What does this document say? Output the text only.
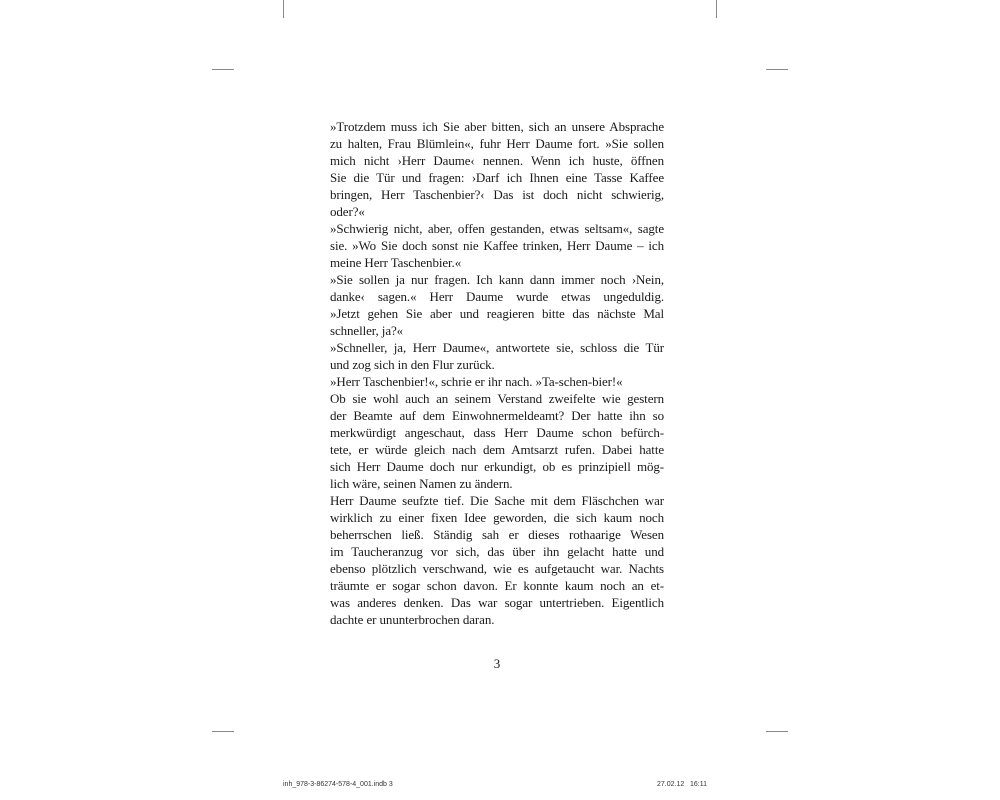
»Trotzdem muss ich Sie aber bitten, sich an unsere Absprache
zu halten, Frau Blümlein«, fuhr Herr Daume fort. »Sie sollen
mich nicht ›Herr Daume‹ nennen. Wenn ich huste, öffnen
Sie die Tür und fragen: ›Darf ich Ihnen eine Tasse Kaffee
bringen, Herr Taschenbier?‹ Das ist doch nicht schwierig,
oder?«
»Schwierig nicht, aber, offen gestanden, etwas seltsam«, sagte
sie. »Wo Sie doch sonst nie Kaffee trinken, Herr Daume – ich
meine Herr Taschenbier.«
»Sie sollen ja nur fragen. Ich kann dann immer noch ›Nein,
danke‹ sagen.« Herr Daume wurde etwas ungeduldig.
»Jetzt gehen Sie aber und reagieren bitte das nächste Mal
schneller, ja?«
»Schneller, ja, Herr Daume«, antwortete sie, schloss die Tür
und zog sich in den Flur zurück.
»Herr Taschenbier!«, schrie er ihr nach. »Ta-schen-bier!«
Ob sie wohl auch an seinem Verstand zweifelte wie gestern
der Beamte auf dem Einwohnermeldeamt? Der hatte ihn so
merkwürdigt angeschaut, dass Herr Daume schon befürch-
tete, er würde gleich nach dem Amtsarzt rufen. Dabei hatte
sich Herr Daume doch nur erkundigt, ob es prinzipiell mög-
lich wäre, seinen Namen zu ändern.
Herr Daume seufzte tief. Die Sache mit dem Fläschchen war
wirklich zu einer fixen Idee geworden, die sich kaum noch
beherrschen ließ. Ständig sah er dieses rothaarige Wesen
im Taucheranzug vor sich, das über ihn gelacht hatte und
ebenso plötzlich verschwand, wie es aufgetaucht war. Nachts
träumte er sogar schon davon. Er konnte kaum noch an et-
was anderes denken. Das war sogar untertrieben. Eigentlich
dachte er ununterbrochen daran.
3
inh_978-3-86274-578-4_001.indb 3	27.02.12 16:11
